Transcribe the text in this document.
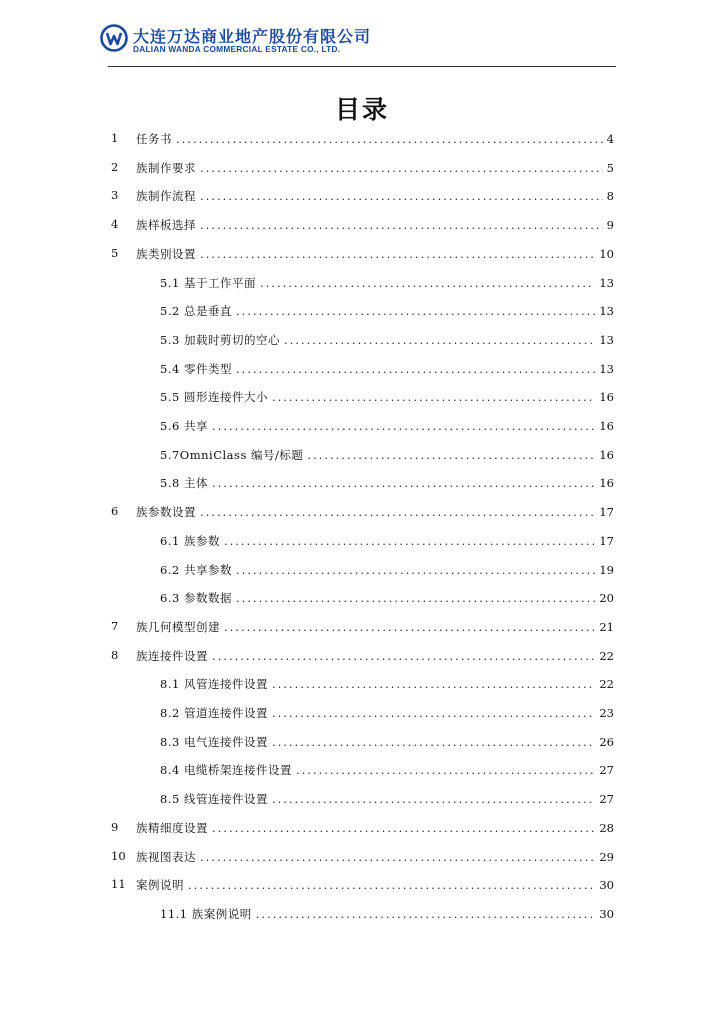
大连万达商业地产股份有限公司
DALIAN WANDA COMMERCIAL ESTATE CO., LTD.
目录
1	任务书 .....	4
2	族制作要求 .....	5
3	族制作流程 .....	8
4	族样板选择 .....	9
5	族类别设置 .....	10
5.1 基于工作平面 .....	13
5.2 总是垂直 .....	13
5.3 加载时剪切的空心 .....	13
5.4 零件类型 .....	13
5.5 圆形连接件大小 .....	16
5.6 共享 .....	16
5.7OmniClass 编号/标题 .....	16
5.8 主体 .....	16
6	族参数设置 .....	17
6.1 族参数 .....	17
6.2 共享参数 .....	19
6.3 参数数据 .....	20
7	族几何模型创建 .....	21
8	族连接件设置 .....	22
8.1 风管连接件设置 .....	22
8.2 管道连接件设置 .....	23
8.3 电气连接件设置 .....	26
8.4 电缆桥架连接件设置 .....	27
8.5 线管连接件设置 .....	27
9	族精细度设置 .....	28
10 族视图表达 .....	29
11 案例说明 .....	30
11.1 族案例说明 .....	30
